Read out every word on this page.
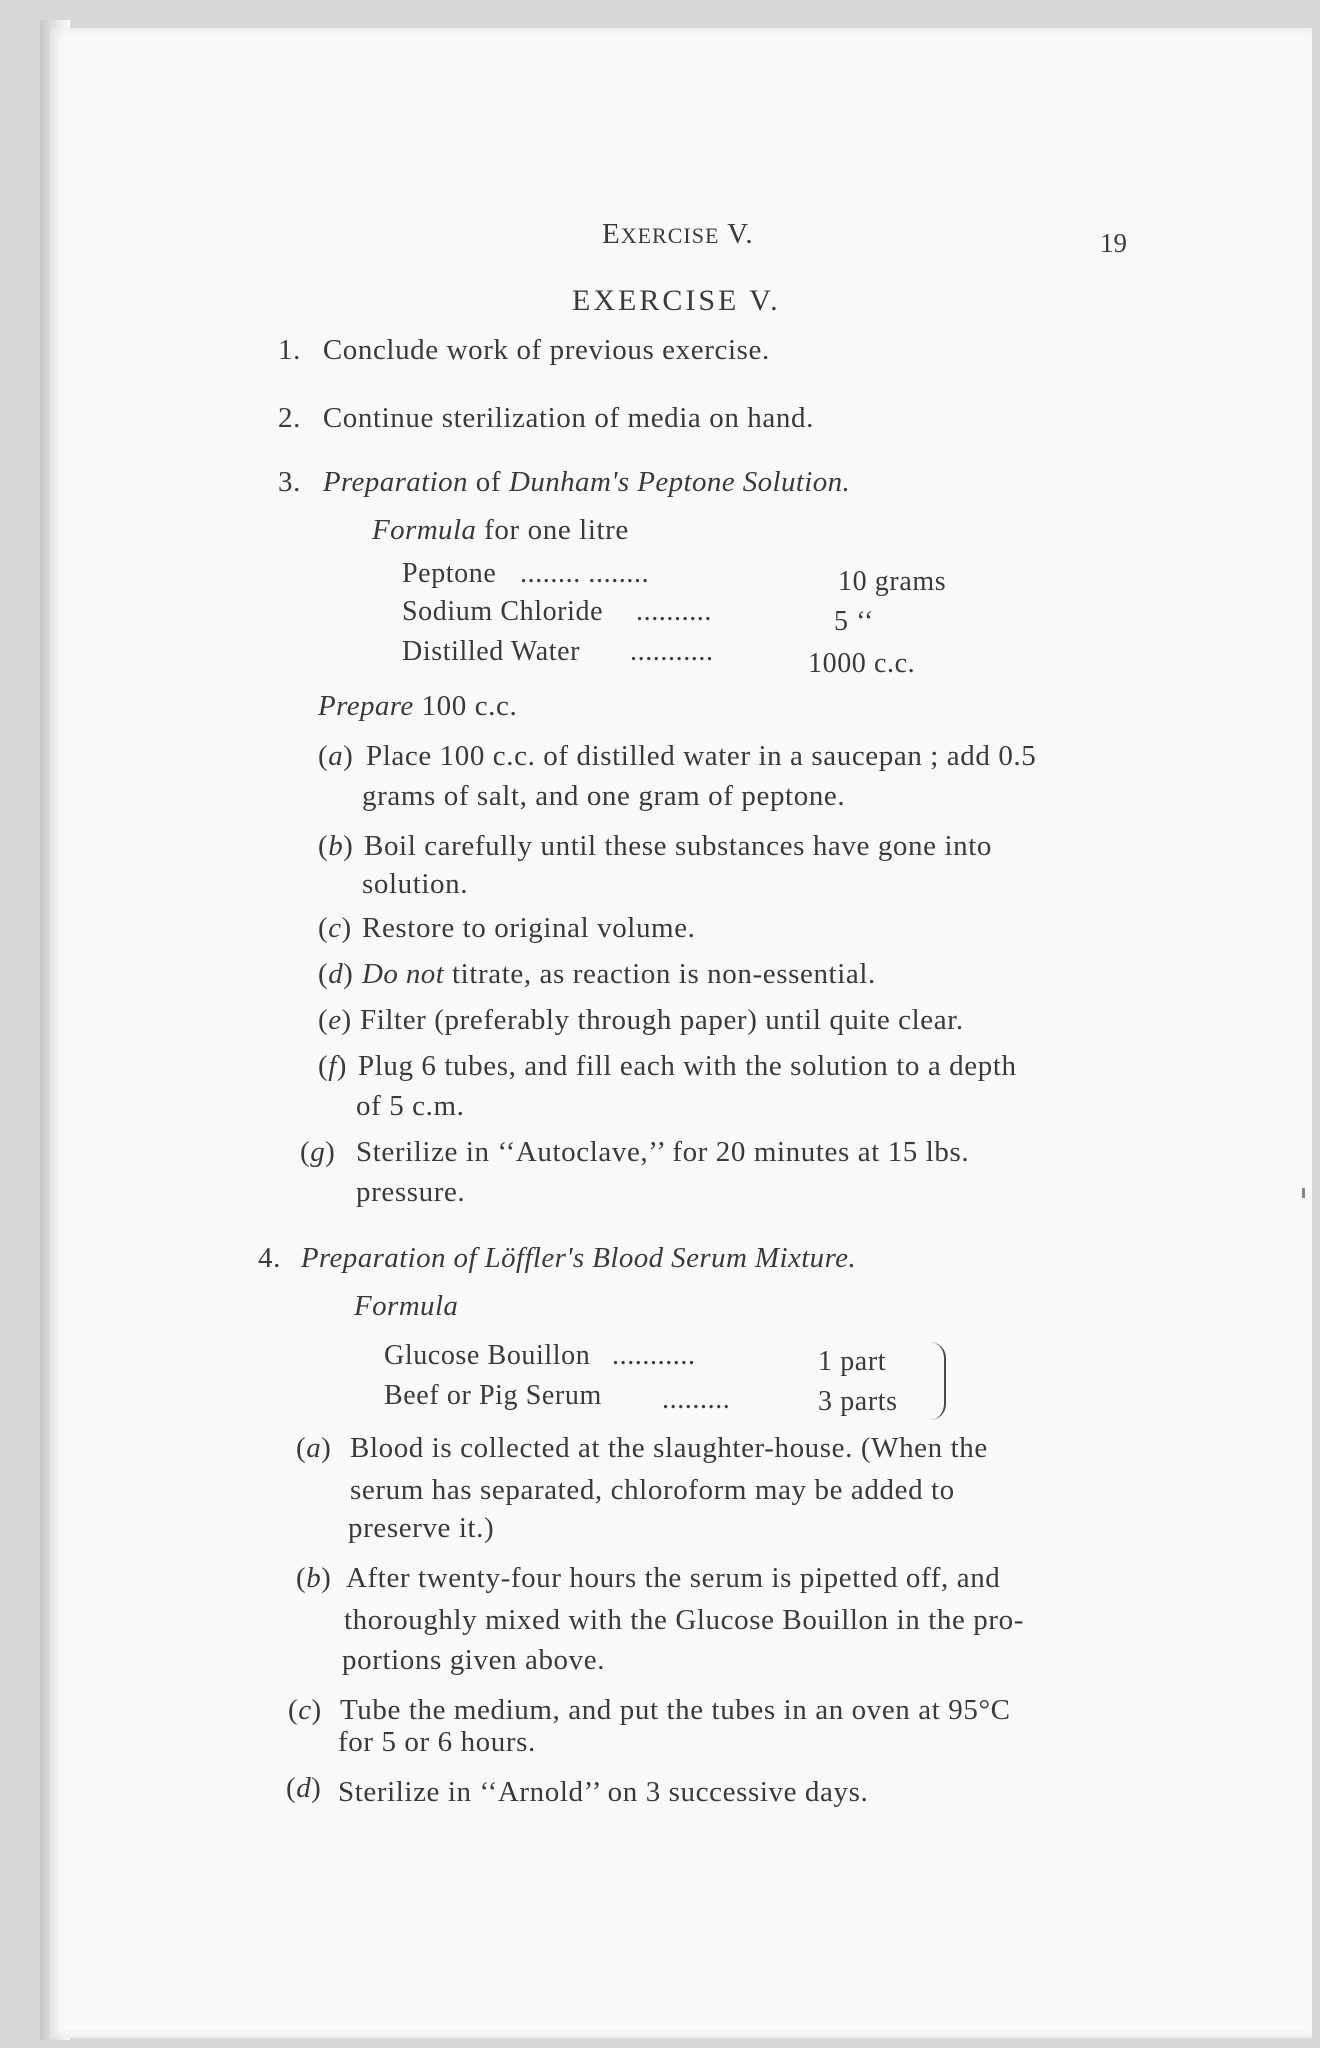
EXERCISE V.	19
EXERCISE V.
1. Conclude work of previous exercise.
2. Continue sterilization of media on hand.
3. Preparation of Dunham's Peptone Solution.
Formula for one litre
Peptone ........ ........	10 grams
Sodium Chloride ..........	5 ‘‘
Distilled Water ...........	1000 c.c.
Prepare 100 c.c.
(a) Place 100 c.c. of distilled water in a saucepan ; add 0.5
grams of salt, and one gram of peptone.
(b) Boil carefully until these substances have gone into
solution.
(c) Restore to original volume.
(d) Do not titrate, as reaction is non-essential.
(e) Filter (preferably through paper) until quite clear.
(f) Plug 6 tubes, and fill each with the solution to a depth
of 5 c.m.
(g) Sterilize in ‘‘Autoclave,’’ for 20 minutes at 15 lbs.
pressure.
4. Preparation of Löffler's Blood Serum Mixture.
Formula
Glucose Bouillon ...........	1 part
Beef or Pig Serum .........	3 parts
(a) Blood is collected at the slaughter-house. (When the
serum has separated, chloroform may be added to
preserve it.)
(b) After twenty-four hours the serum is pipetted off, and
thoroughly mixed with the Glucose Bouillon in the pro-
portions given above.
(c) Tube the medium, and put the tubes in an oven at 95°C
for 5 or 6 hours.
(d) Sterilize in ‘‘Arnold’’ on 3 successive days.
